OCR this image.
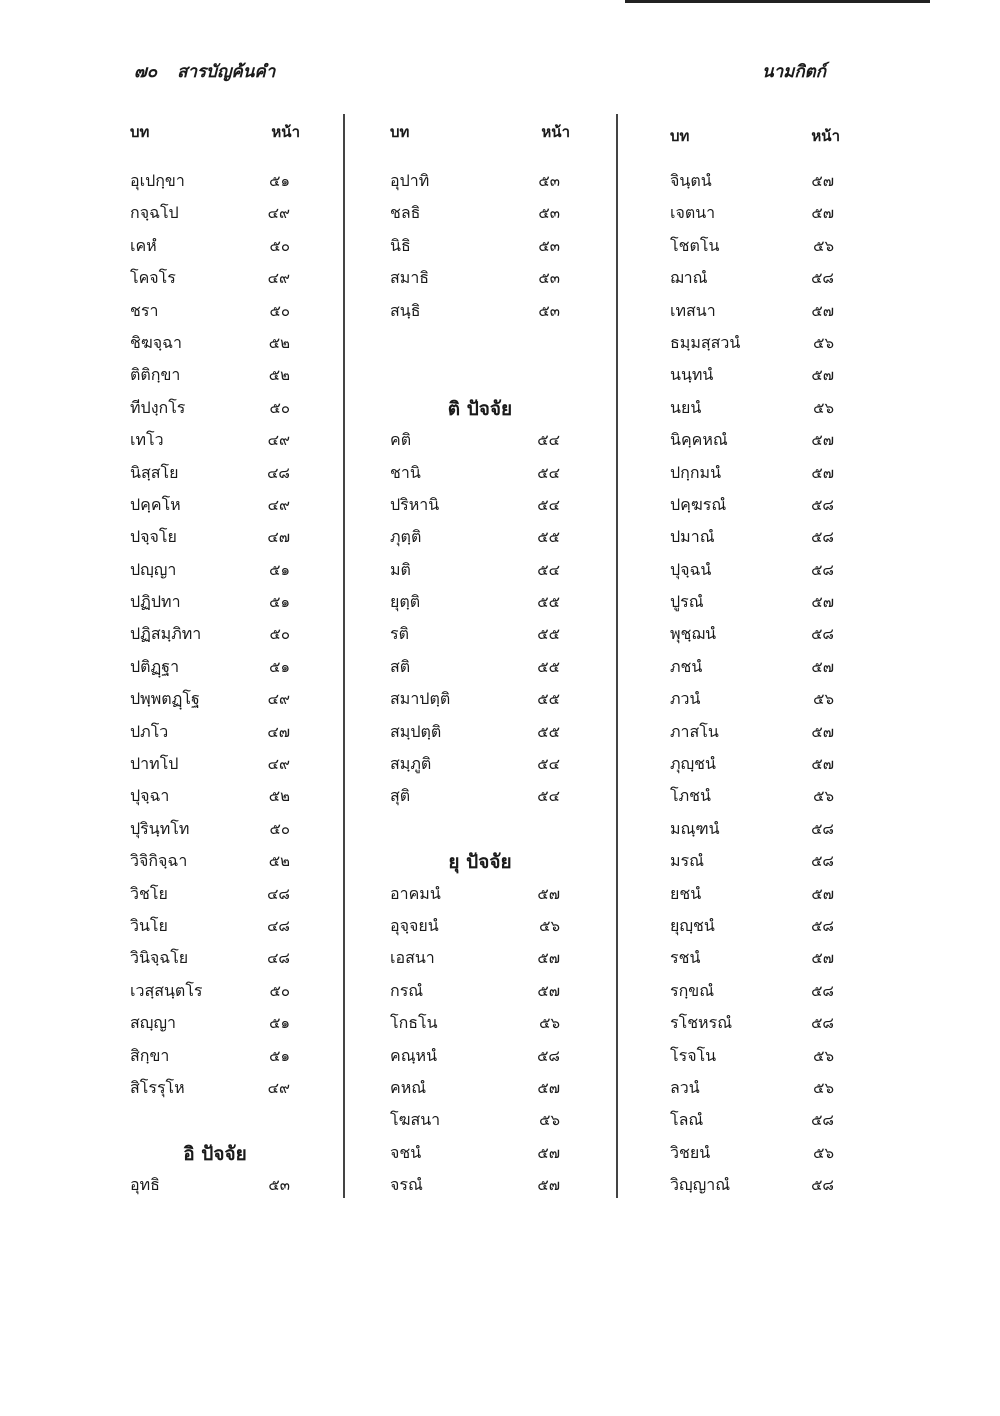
๗๐ สารบัญค้นคำ	นามกิตก์
บท	หน้า
อุเปกฺขา	๕๑
กจฺฉโป	๔๙
เคหํ	๕๐
โคจโร	๔๙
ชรา	๕๐
ชิฆจฺฉา	๕๒
ติติกฺขา	๕๒
ทีปงฺกโร	๕๐
เทโว	๔๙
นิสฺสโย	๔๘
ปคฺคโห	๔๙
ปจฺจโย	๔๗
ปญฺญา	๕๑
ปฏิปทา	๕๑
ปฏิสมฺภิทา	๕๐
ปติฏฺฐา	๕๑
ปพฺพตฏฺโฐ	๔๙
ปภโว	๔๗
ปาทโป	๔๙
ปุจฺฉา	๕๒
ปุรินฺทโท	๕๐
วิจิกิจฺฉา	๕๒
วิชโย	๔๘
วินโย	๔๘
วินิจฺฉโย	๔๘
เวสฺสนฺตโร	๕๐
สญฺญา	๕๑
สิกฺขา	๕๑
สิโรรุโห	๔๙
อิ ปัจจัย
อุทธิ	๕๓
บท	หน้า
อุปาทิ	๕๓
ชลธิ	๕๓
นิธิ	๕๓
สมาธิ	๕๓
สนฺธิ	๕๓
ติ ปัจจัย
คติ	๕๔
ชานิ	๕๔
ปริหานิ	๕๔
ภุตฺติ	๕๕
มติ	๕๔
ยุตฺติ	๕๕
รติ	๕๕
สติ	๕๕
สมาปตฺติ	๕๕
สมฺปตฺติ	๕๕
สมฺภูติ	๕๔
สุติ	๕๔
ยุ ปัจจัย
อาคมนํ	๕๗
อุจฺจยนํ	๕๖
เอสนา	๕๗
กรณํ	๕๗
โกธโน	๕๖
คณฺหนํ	๕๘
คหณํ	๕๗
โฆสนา	๕๖
จชนํ	๕๗
จรณํ	๕๗
บท	หน้า
จินฺตนํ	๕๗
เจตนา	๕๗
โชตโน	๕๖
ฌาณํ	๕๘
เทสนา	๕๗
ธมฺมสฺสวนํ	๕๖
นนฺทนํ	๕๗
นยนํ	๕๖
นิคฺคหณํ	๕๗
ปกฺกมนํ	๕๗
ปคฺฆรณํ	๕๘
ปมาณํ	๕๘
ปุจฺฉนํ	๕๘
ปูรณํ	๕๗
พุชฺฌนํ	๕๘
ภชนํ	๕๗
ภวนํ	๕๖
ภาสโน	๕๗
ภุญฺชนํ	๕๗
โภชนํ	๕๖
มณฺฑนํ	๕๘
มรณํ	๕๘
ยชนํ	๕๗
ยุญฺชนํ	๕๘
รชนํ	๕๗
รกฺขณํ	๕๘
รโชหรณํ	๕๘
โรจโน	๕๖
ลวนํ	๕๖
โลณํ	๕๘
วิชยนํ	๕๖
วิญฺญาณํ	๕๘
